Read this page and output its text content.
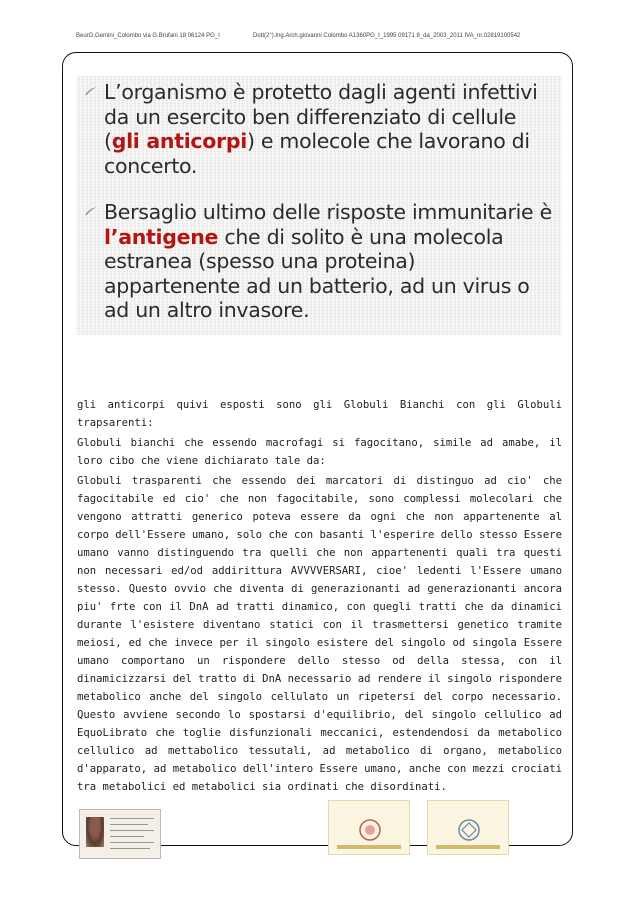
BeurO.Gemini_Colombo via G.Brufani 18 06124 PG_I	Dott(2°).Ing.Arch.giovanni Colombo A1360PG_I_1995 09171 8_da_2003_2011 IVA_nr.02819100542
L’organismo è protetto dagli agenti infettivi da un esercito ben differenziato di cellule (gli anticorpi) e molecole che lavorano di concerto.
Bersaglio ultimo delle risposte immunitarie è l’antigene che di solito è una molecola estranea (spesso una proteina) appartenente ad un batterio, ad un virus o ad un altro invasore.

gli anticorpi quivi esposti sono gli Globuli Bianchi con gli Globuli trapsarenti:

Globuli bianchi che essendo macrofagi si fagocitano, simile ad amabe, il loro cibo che viene dichiarato tale da:

Globuli trasparenti che essendo dei marcatori di distinguo ad cio' che fagocitabile ed cio' che non fagocitabile, sono complessi molecolari che vengono attratti generico poteva essere da ogni che non appartenente al corpo dell'Essere umano, solo che con basanti l'esperire dello stesso Essere umano vanno distinguendo tra quelli che non appartenenti quali tra questi non necessari ed/od addirittura AVVVVERSARI, cioe' ledenti l'Essere umano stesso. Questo ovvio che diventa di generazionanti ad generazionanti ancora piu' frte con il DnA ad tratti dinamico, con quegli tratti che da dinamici durante l'esistere diventano statici con il trasmettersi genetico tramite meiosi, ed che invece per il singolo esistere del singolo od singola Essere umano comportano un rispondere dello stesso od della stessa, con il dinamicizzarsi del tratto di DnA necessario ad rendere il singolo rispondere metabolico anche del singolo cellulato un ripetersi del corpo necessario. Questo avviene secondo lo spostarsi d'equilibrio, del singolo cellulico ad EquoLibrato che toglie disfunzionali meccanici, estendendosi da metabolico cellulico ad mettabolico tessutali, ad metabolico di organo, metabolico d'apparato, ad metabolico dell'intero Essere umano, anche con mezzi crociati tra metabolici ed metabolici sia ordinati che disordinati.
